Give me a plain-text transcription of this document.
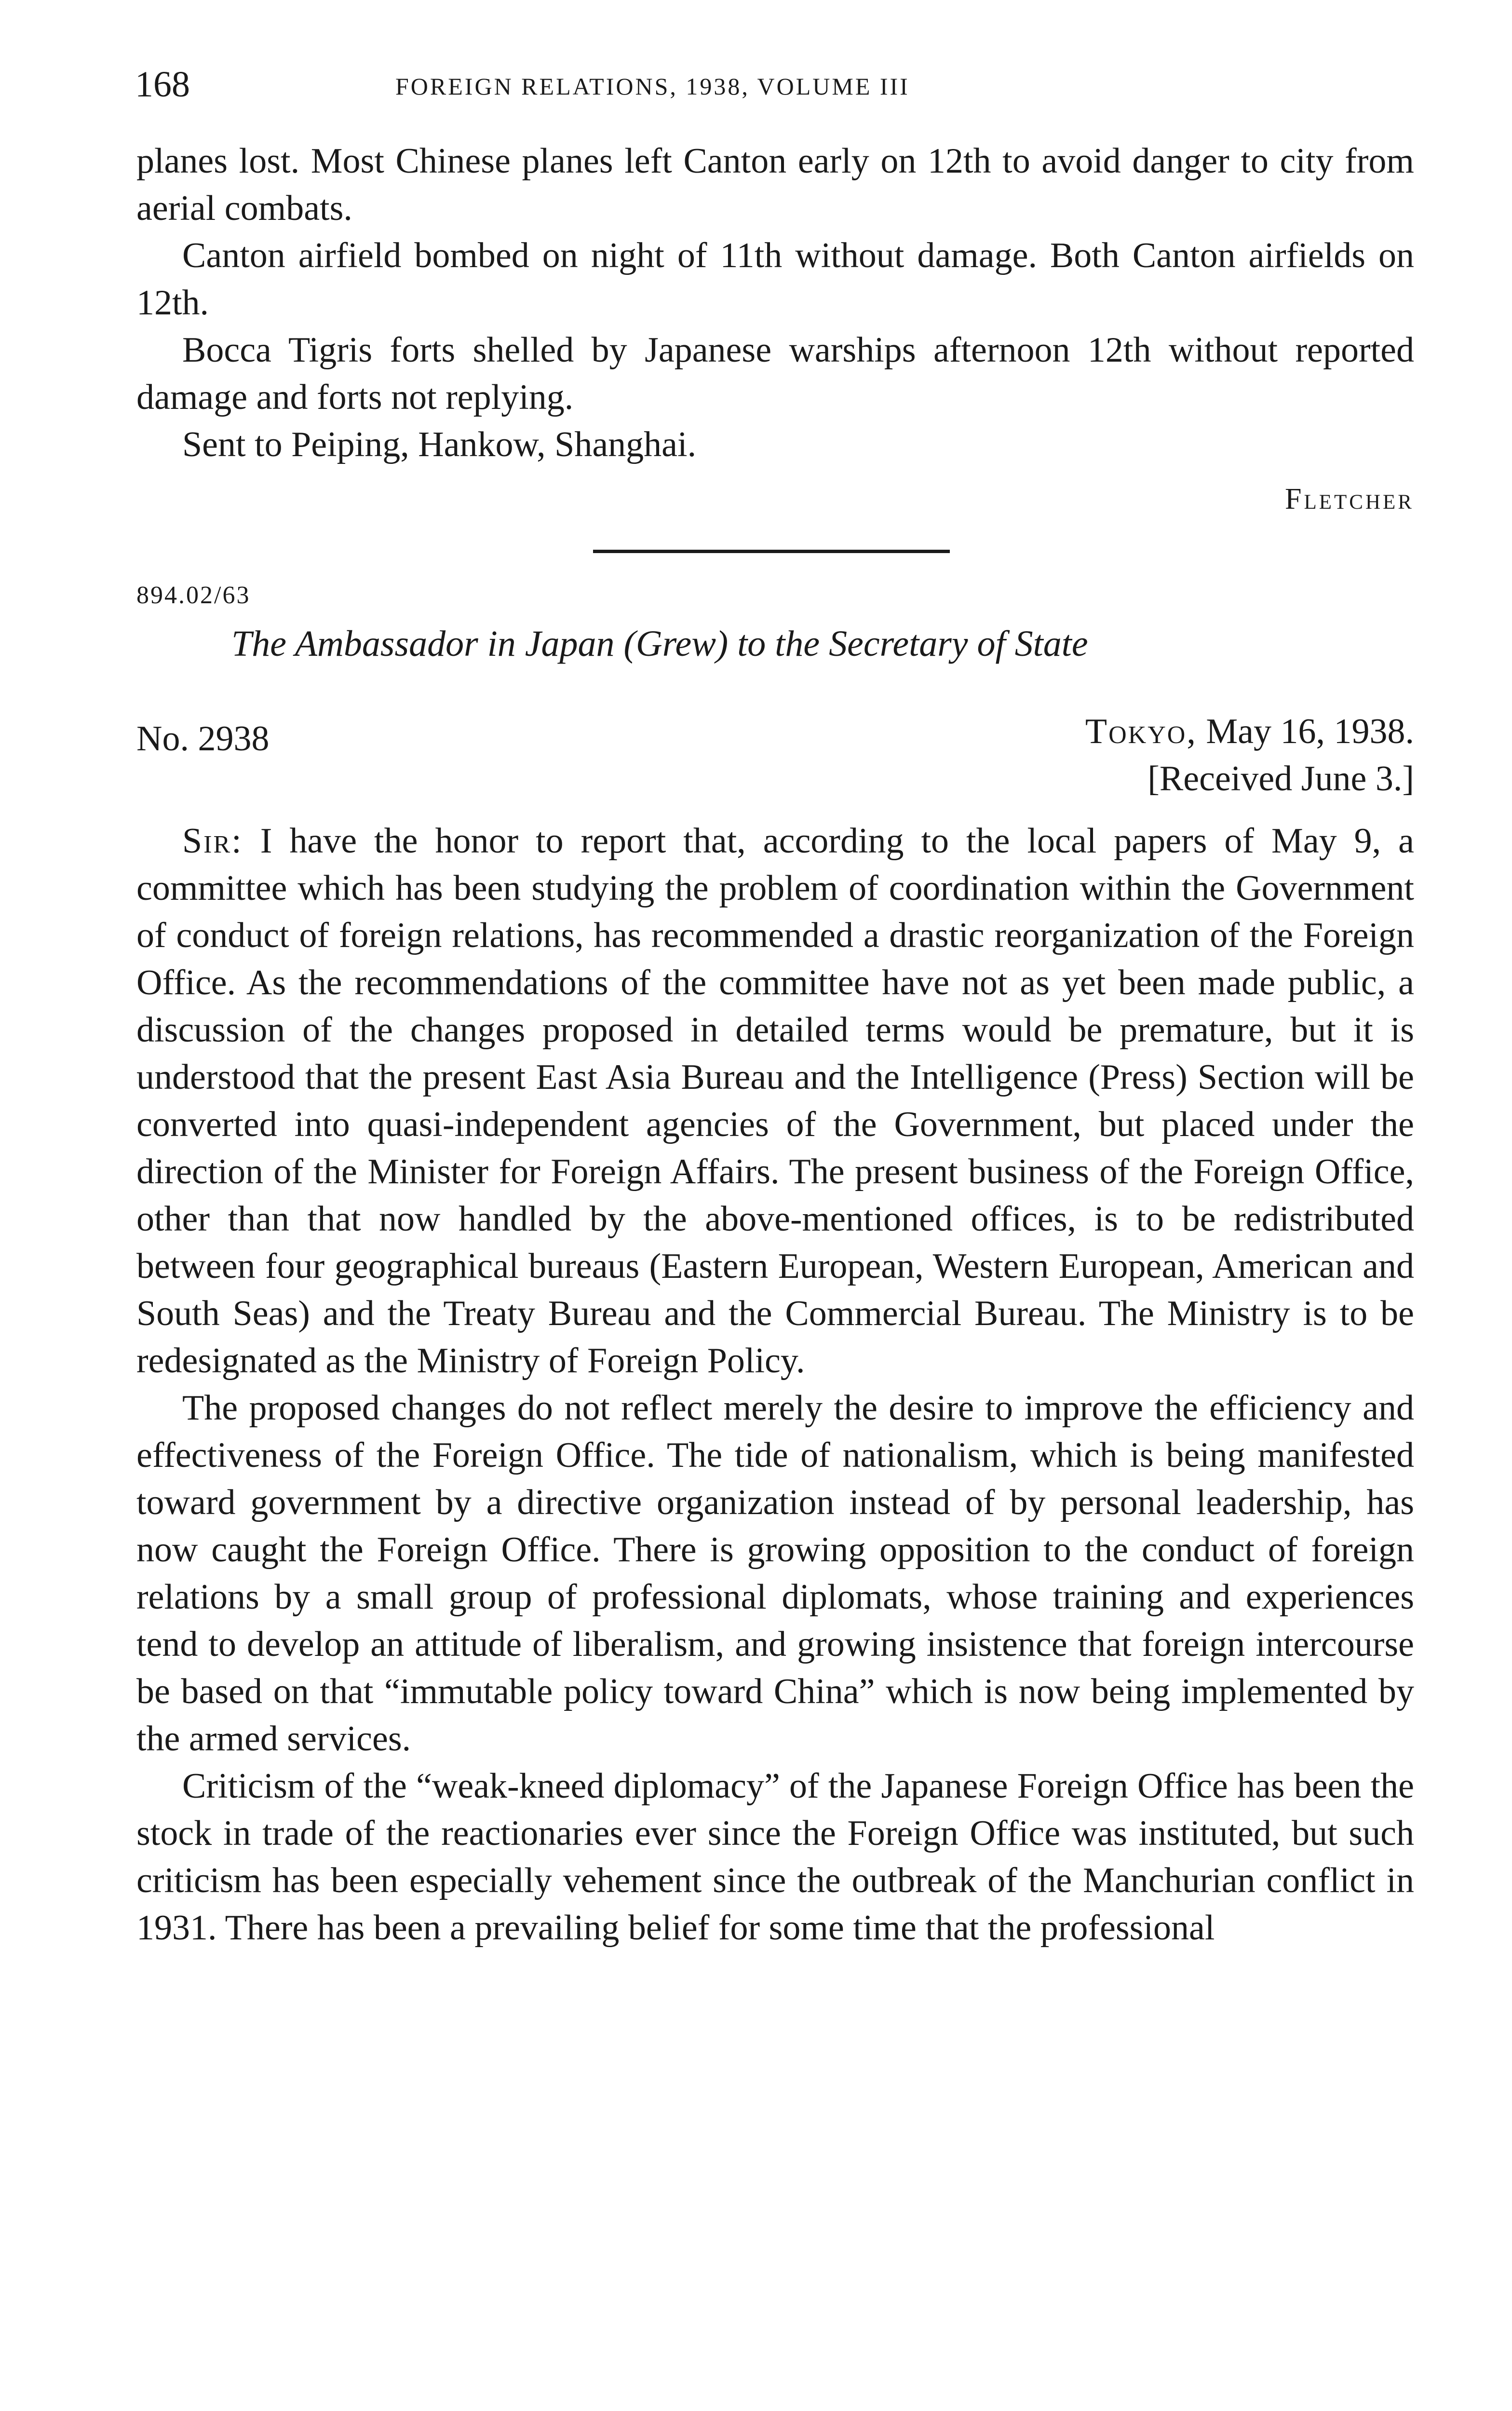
168	FOREIGN RELATIONS, 1938, VOLUME III

planes lost. Most Chinese planes left Canton early on 12th to avoid danger to city from aerial combats.

Canton airfield bombed on night of 11th without damage. Both Canton airfields on 12th.

Bocca Tigris forts shelled by Japanese warships afternoon 12th without reported damage and forts not replying.

Sent to Peiping, Hankow, Shanghai.

Fletcher
894.02/63
The Ambassador in Japan (Grew) to the Secretary of State
No. 2938	Tokyo, May 16, 1938.
[Received June 3.]

Sir: I have the honor to report that, according to the local papers of May 9, a committee which has been studying the problem of coordination within the Government of conduct of foreign relations, has recommended a drastic reorganization of the Foreign Office. As the recommendations of the committee have not as yet been made public, a discussion of the changes proposed in detailed terms would be premature, but it is understood that the present East Asia Bureau and the Intelligence (Press) Section will be converted into quasi-independent agencies of the Government, but placed under the direction of the Minister for Foreign Affairs. The present business of the Foreign Office, other than that now handled by the above-mentioned offices, is to be redistributed between four geographical bureaus (Eastern European, Western European, American and South Seas) and the Treaty Bureau and the Commercial Bureau. The Ministry is to be redesignated as the Ministry of Foreign Policy.

The proposed changes do not reflect merely the desire to improve the efficiency and effectiveness of the Foreign Office. The tide of nationalism, which is being manifested toward government by a directive organization instead of by personal leadership, has now caught the Foreign Office. There is growing opposition to the conduct of foreign relations by a small group of professional diplomats, whose training and experiences tend to develop an attitude of liberalism, and growing insistence that foreign intercourse be based on that “immutable policy toward China” which is now being implemented by the armed services.

Criticism of the “weak-kneed diplomacy” of the Japanese Foreign Office has been the stock in trade of the reactionaries ever since the Foreign Office was instituted, but such criticism has been especially vehement since the outbreak of the Manchurian conflict in 1931. There has been a prevailing belief for some time that the professional
